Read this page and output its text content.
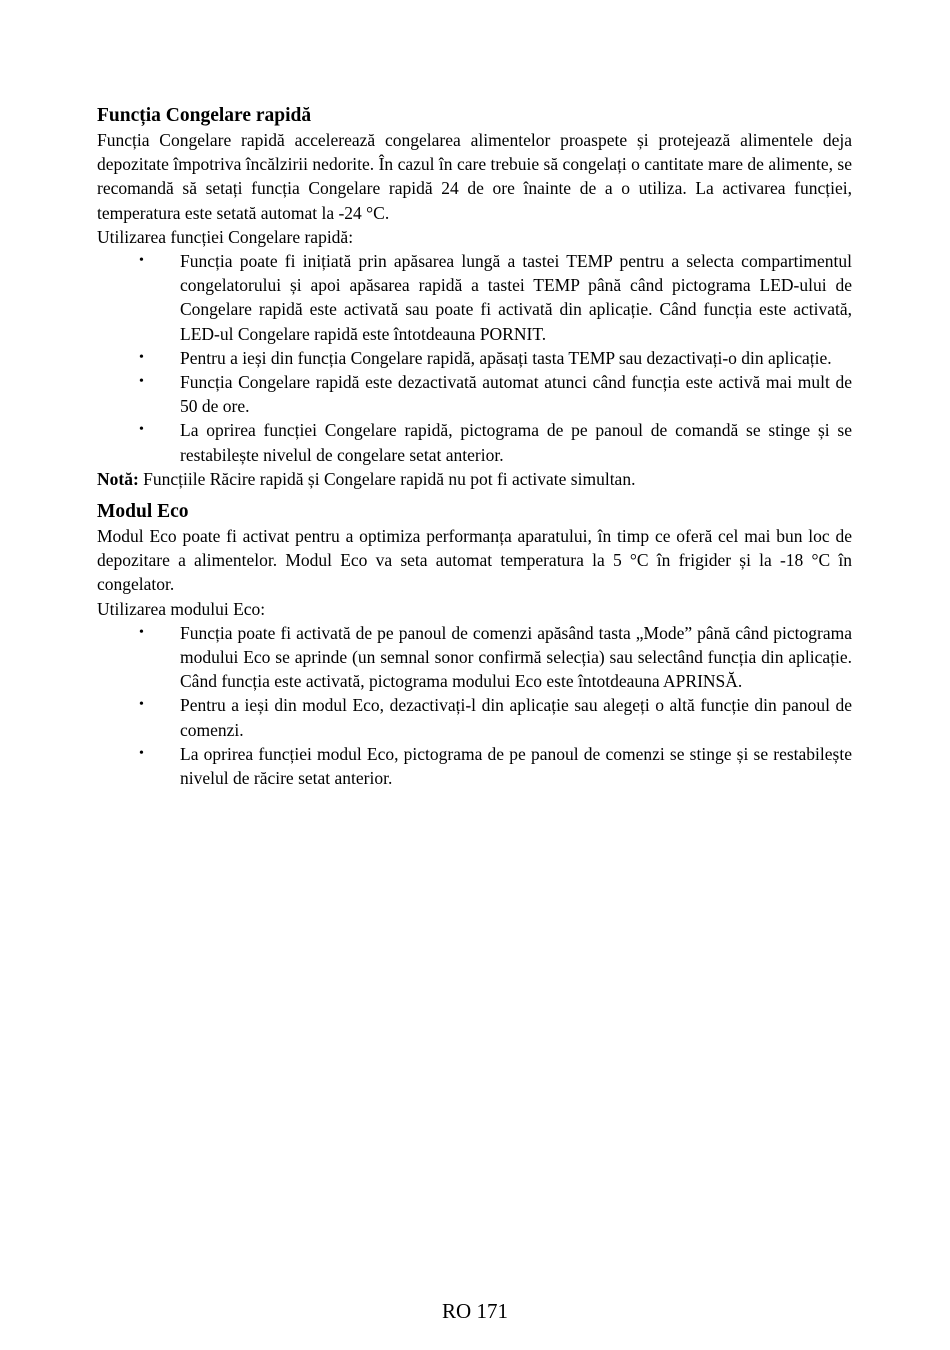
Funcția Congelare rapidă

Funcția Congelare rapidă accelerează congelarea alimentelor proaspete și protejează alimentele deja depozitate împotriva încălzirii nedorite. În cazul în care trebuie să congelați o cantitate mare de alimente, se recomandă să setați funcția Congelare rapidă 24 de ore înainte de a o utiliza. La activarea funcției, temperatura este setată automat la -24 °C.

Utilizarea funcției Congelare rapidă:

• Funcția poate fi inițiată prin apăsarea lungă a tastei TEMP pentru a selecta compartimentul congelatorului și apoi apăsarea rapidă a tastei TEMP până când pictograma LED-ului de Congelare rapidă este activată sau poate fi activată din aplicație. Când funcția este activată, LED-ul Congelare rapidă este întotdeauna PORNIT.
• Pentru a ieși din funcția Congelare rapidă, apăsați tasta TEMP sau dezactivați-o din aplicație.
• Funcția Congelare rapidă este dezactivată automat atunci când funcția este activă mai mult de 50 de ore.
• La oprirea funcției Congelare rapidă, pictograma de pe panoul de comandă se stinge și se restabilește nivelul de congelare setat anterior.

Notă: Funcțiile Răcire rapidă și Congelare rapidă nu pot fi activate simultan.

Modul Eco

Modul Eco poate fi activat pentru a optimiza performanța aparatului, în timp ce oferă cel mai bun loc de depozitare a alimentelor. Modul Eco va seta automat temperatura la 5 °C în frigider și la -18 °C în congelator.

Utilizarea modului Eco:

• Funcția poate fi activată de pe panoul de comenzi apăsând tasta „Mode” până când pictograma modului Eco se aprinde (un semnal sonor confirmă selecția) sau selectând funcția din aplicație. Când funcția este activată, pictograma modului Eco este întotdeauna APRINSĂ.
• Pentru a ieși din modul Eco, dezactivați-l din aplicație sau alegeți o altă funcție din panoul de comenzi.
• La oprirea funcției modul Eco, pictograma de pe panoul de comenzi se stinge și se restabilește nivelul de răcire setat anterior.
RO 171
